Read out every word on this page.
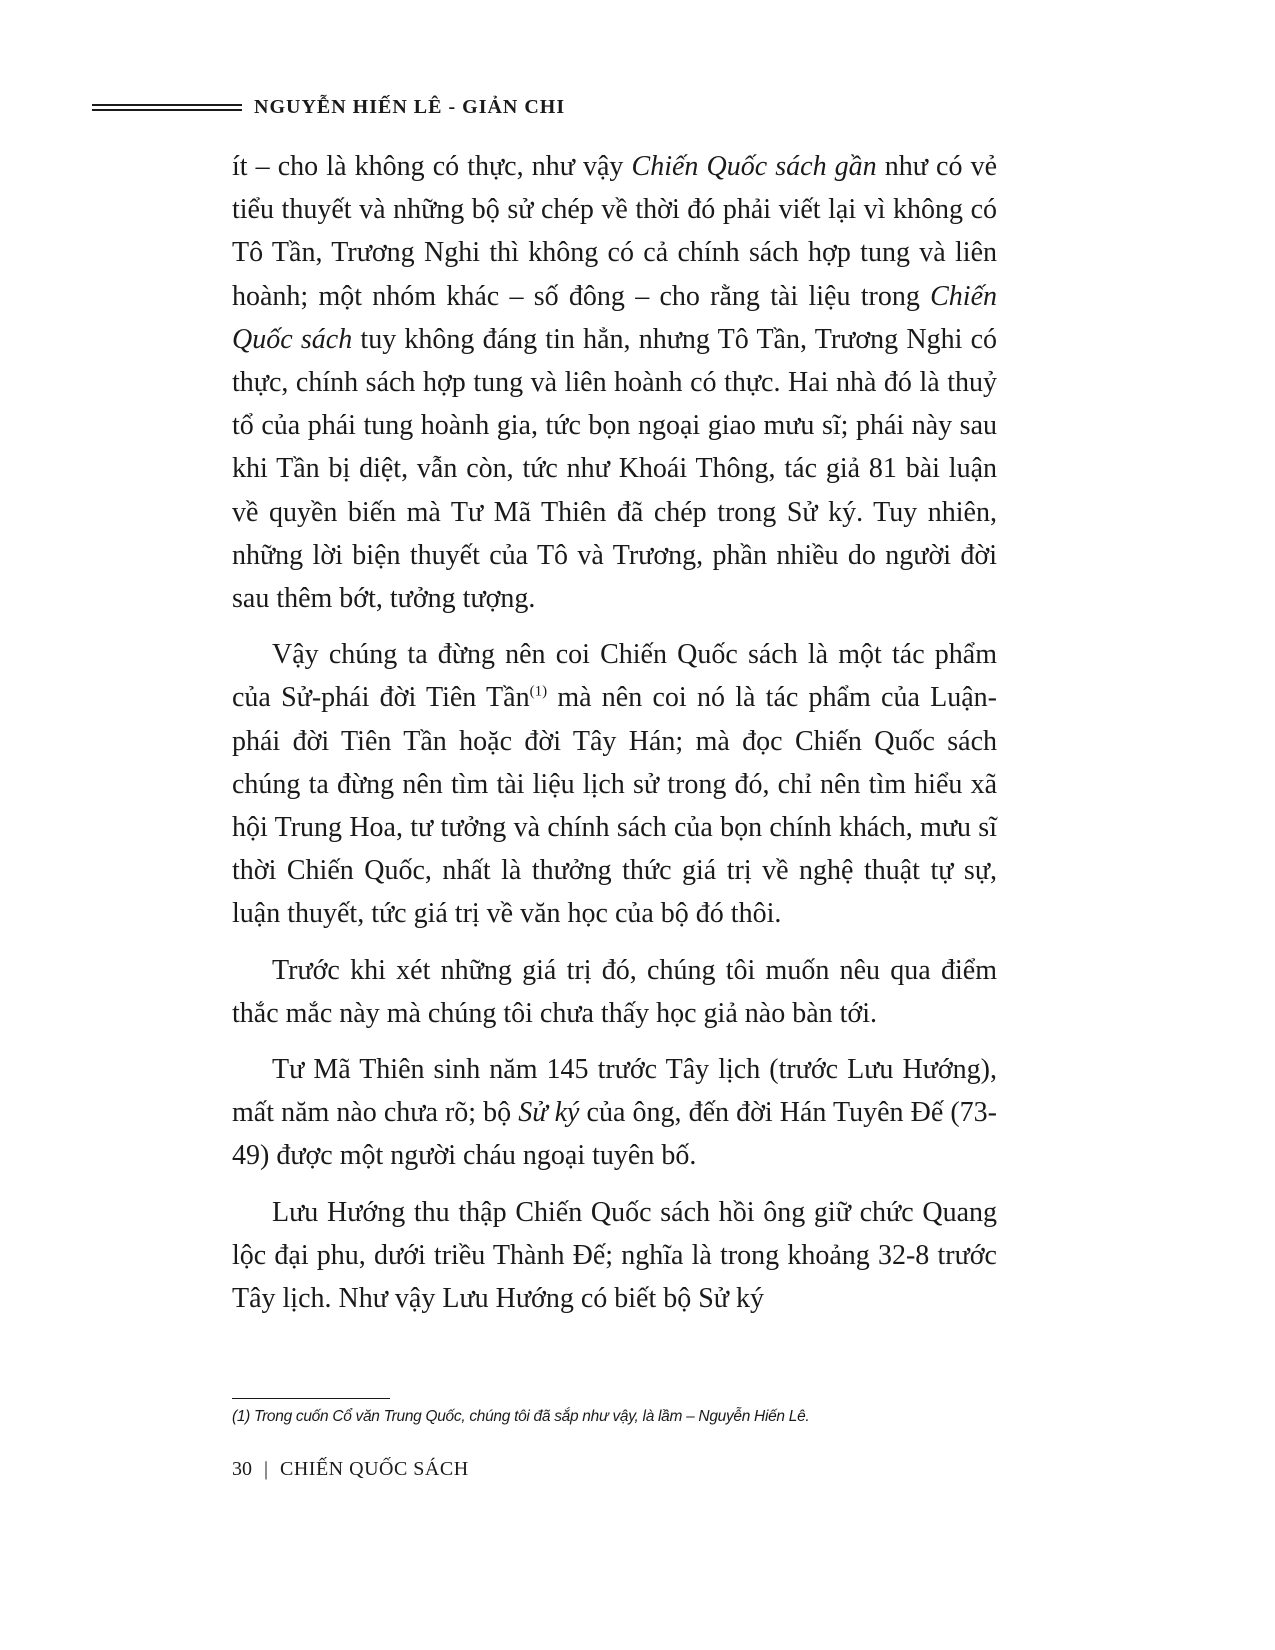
NGUYỄN HIẾN LÊ - GIẢN CHI

ít – cho là không có thực, như vậy Chiến Quốc sách gần như có vẻ tiểu thuyết và những bộ sử chép về thời đó phải viết lại vì không có Tô Tần, Trương Nghi thì không có cả chính sách hợp tung và liên hoành; một nhóm khác – số đông – cho rằng tài liệu trong Chiến Quốc sách tuy không đáng tin hẳn, nhưng Tô Tần, Trương Nghi có thực, chính sách hợp tung và liên hoành có thực. Hai nhà đó là thuỷ tổ của phái tung hoành gia, tức bọn ngoại giao mưu sĩ; phái này sau khi Tần bị diệt, vẫn còn, tức như Khoái Thông, tác giả 81 bài luận về quyền biến mà Tư Mã Thiên đã chép trong Sử ký. Tuy nhiên, những lời biện thuyết của Tô và Trương, phần nhiều do người đời sau thêm bớt, tưởng tượng.

Vậy chúng ta đừng nên coi Chiến Quốc sách là một tác phẩm của Sử-phái đời Tiên Tần$^{(1)}$ mà nên coi nó là tác phẩm của Luận-phái đời Tiên Tần hoặc đời Tây Hán; mà đọc Chiến Quốc sách chúng ta đừng nên tìm tài liệu lịch sử trong đó, chỉ nên tìm hiểu xã hội Trung Hoa, tư tưởng và chính sách của bọn chính khách, mưu sĩ thời Chiến Quốc, nhất là thưởng thức giá trị về nghệ thuật tự sự, luận thuyết, tức giá trị về văn học của bộ đó thôi.

Trước khi xét những giá trị đó, chúng tôi muốn nêu qua điểm thắc mắc này mà chúng tôi chưa thấy học giả nào bàn tới.

Tư Mã Thiên sinh năm 145 trước Tây lịch (trước Lưu Hướng), mất năm nào chưa rõ; bộ Sử ký của ông, đến đời Hán Tuyên Đế (73-49) được một người cháu ngoại tuyên bố.

Lưu Hướng thu thập Chiến Quốc sách hồi ông giữ chức Quang lộc đại phu, dưới triều Thành Đế; nghĩa là trong khoảng 32-8 trước Tây lịch. Như vậy Lưu Hướng có biết bộ Sử ký

(1) Trong cuốn Cổ văn Trung Quốc, chúng tôi đã sắp như vậy, là lầm – Nguyễn Hiến Lê.
30 | CHIẾN QUỐC SÁCH
